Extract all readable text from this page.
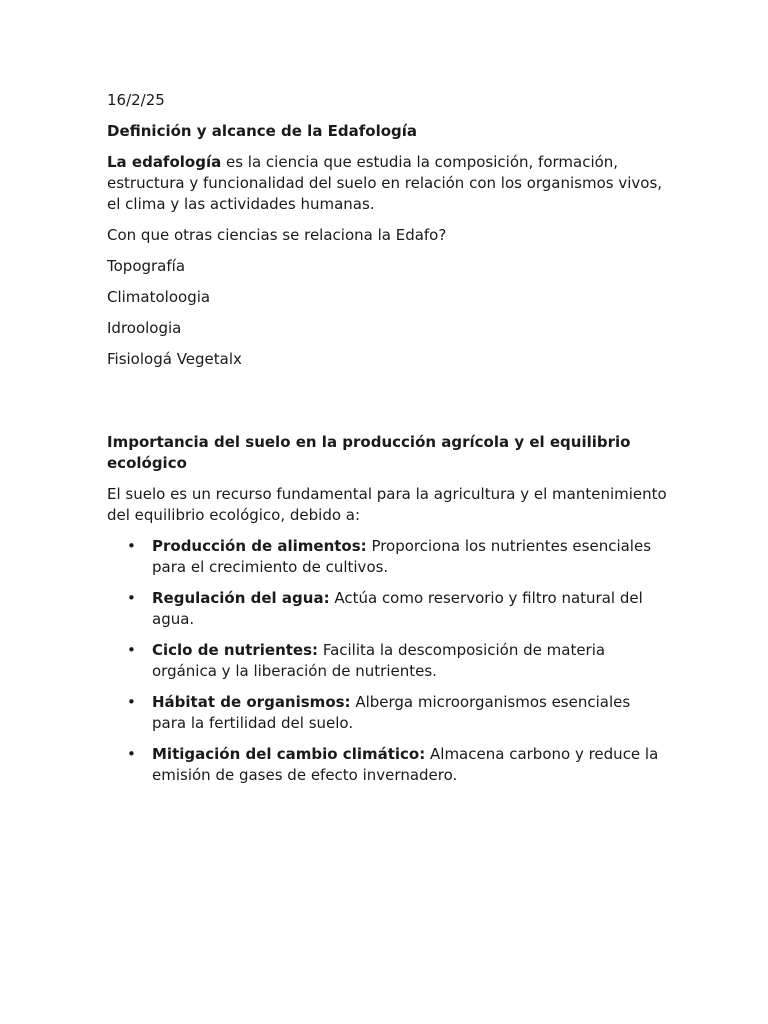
16/2/25

Definición y alcance de la Edafología

La edafología es la ciencia que estudia la composición, formación, estructura y funcionalidad del suelo en relación con los organismos vivos, el clima y las actividades humanas.

Con que otras ciencias se relaciona la Edafo?

Topografía

Climatoloogia

Idroologia

Fisiologá Vegetalx

Importancia del suelo en la producción agrícola y el equilibrio ecológico

El suelo es un recurso fundamental para la agricultura y el mantenimiento del equilibrio ecológico, debido a:

• Producción de alimentos: Proporciona los nutrientes esenciales para el crecimiento de cultivos.
• Regulación del agua: Actúa como reservorio y filtro natural del agua.
• Ciclo de nutrientes: Facilita la descomposición de materia orgánica y la liberación de nutrientes.
• Hábitat de organismos: Alberga microorganismos esenciales para la fertilidad del suelo.
• Mitigación del cambio climático: Almacena carbono y reduce la emisión de gases de efecto invernadero.
